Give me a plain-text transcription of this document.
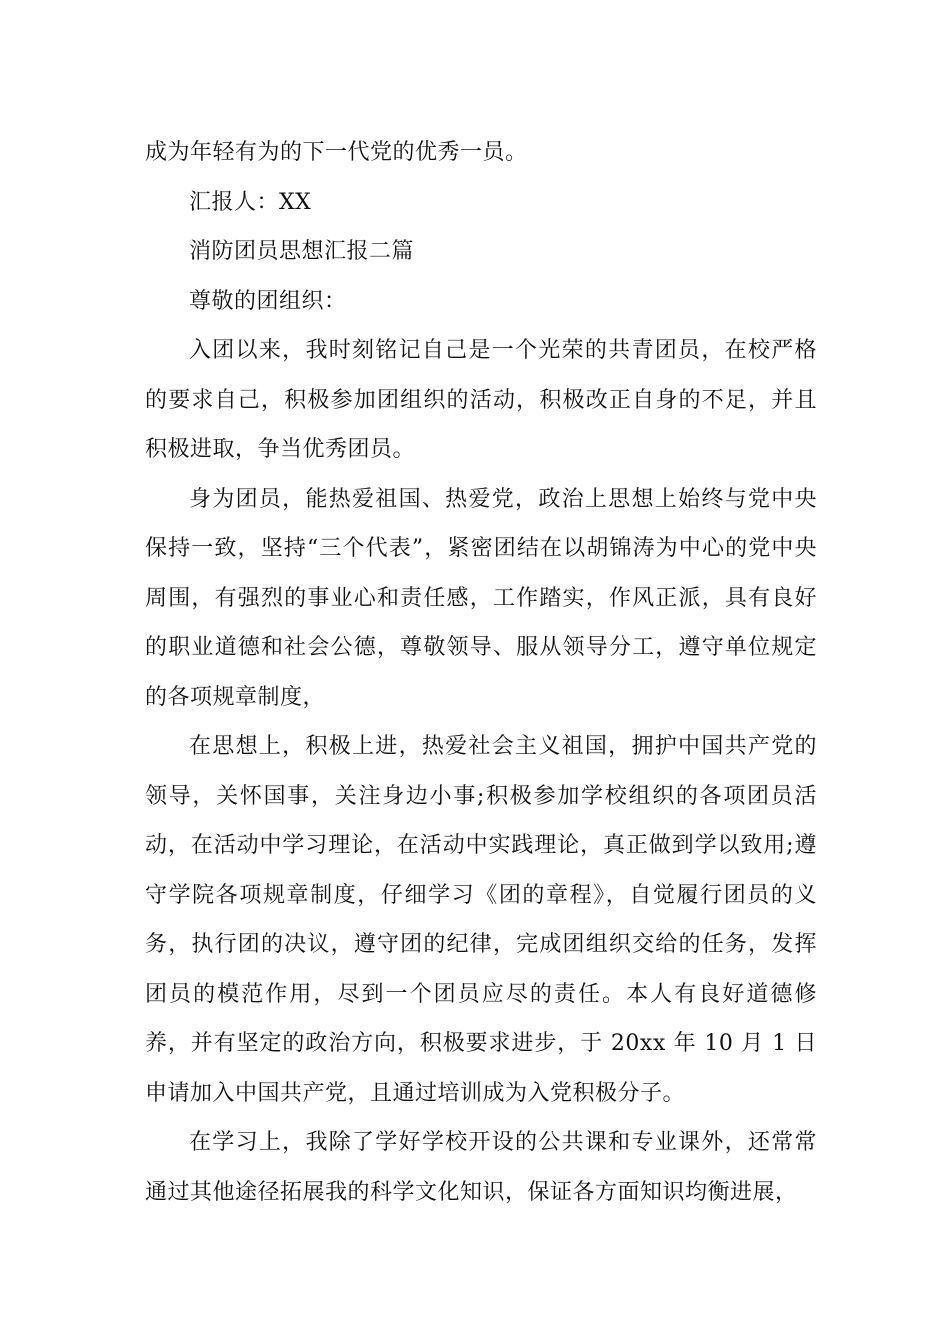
成为年轻有为的下一代党的优秀一员。

汇报人：XX

消防团员思想汇报二篇

尊敬的团组织：

入团以来，我时刻铭记自己是一个光荣的共青团员，在校严格的要求自己，积极参加团组织的活动，积极改正自身的不足，并且积极进取，争当优秀团员。

身为团员，能热爱祖国、热爱党，政治上思想上始终与党中央保持一致，坚持“三个代表”，紧密团结在以胡锦涛为中心的党中央周围，有强烈的事业心和责任感，工作踏实，作风正派，具有良好的职业道德和社会公德，尊敬领导、服从领导分工，遵守单位规定的各项规章制度，

在思想上，积极上进，热爱社会主义祖国，拥护中国共产党的领导，关怀国事，关注身边小事;积极参加学校组织的各项团员活动，在活动中学习理论，在活动中实践理论，真正做到学以致用;遵守学院各项规章制度，仔细学习《团的章程》，自觉履行团员的义务，执行团的决议，遵守团的纪律，完成团组织交给的任务，发挥团员的模范作用，尽到一个团员应尽的责任。本人有良好道德修养，并有坚定的政治方向，积极要求进步，于 20xx 年 10 月 1 日申请加入中国共产党，且通过培训成为入党积极分子。

在学习上，我除了学好学校开设的公共课和专业课外，还常常通过其他途径拓展我的科学文化知识，保证各方面知识均衡进展，
